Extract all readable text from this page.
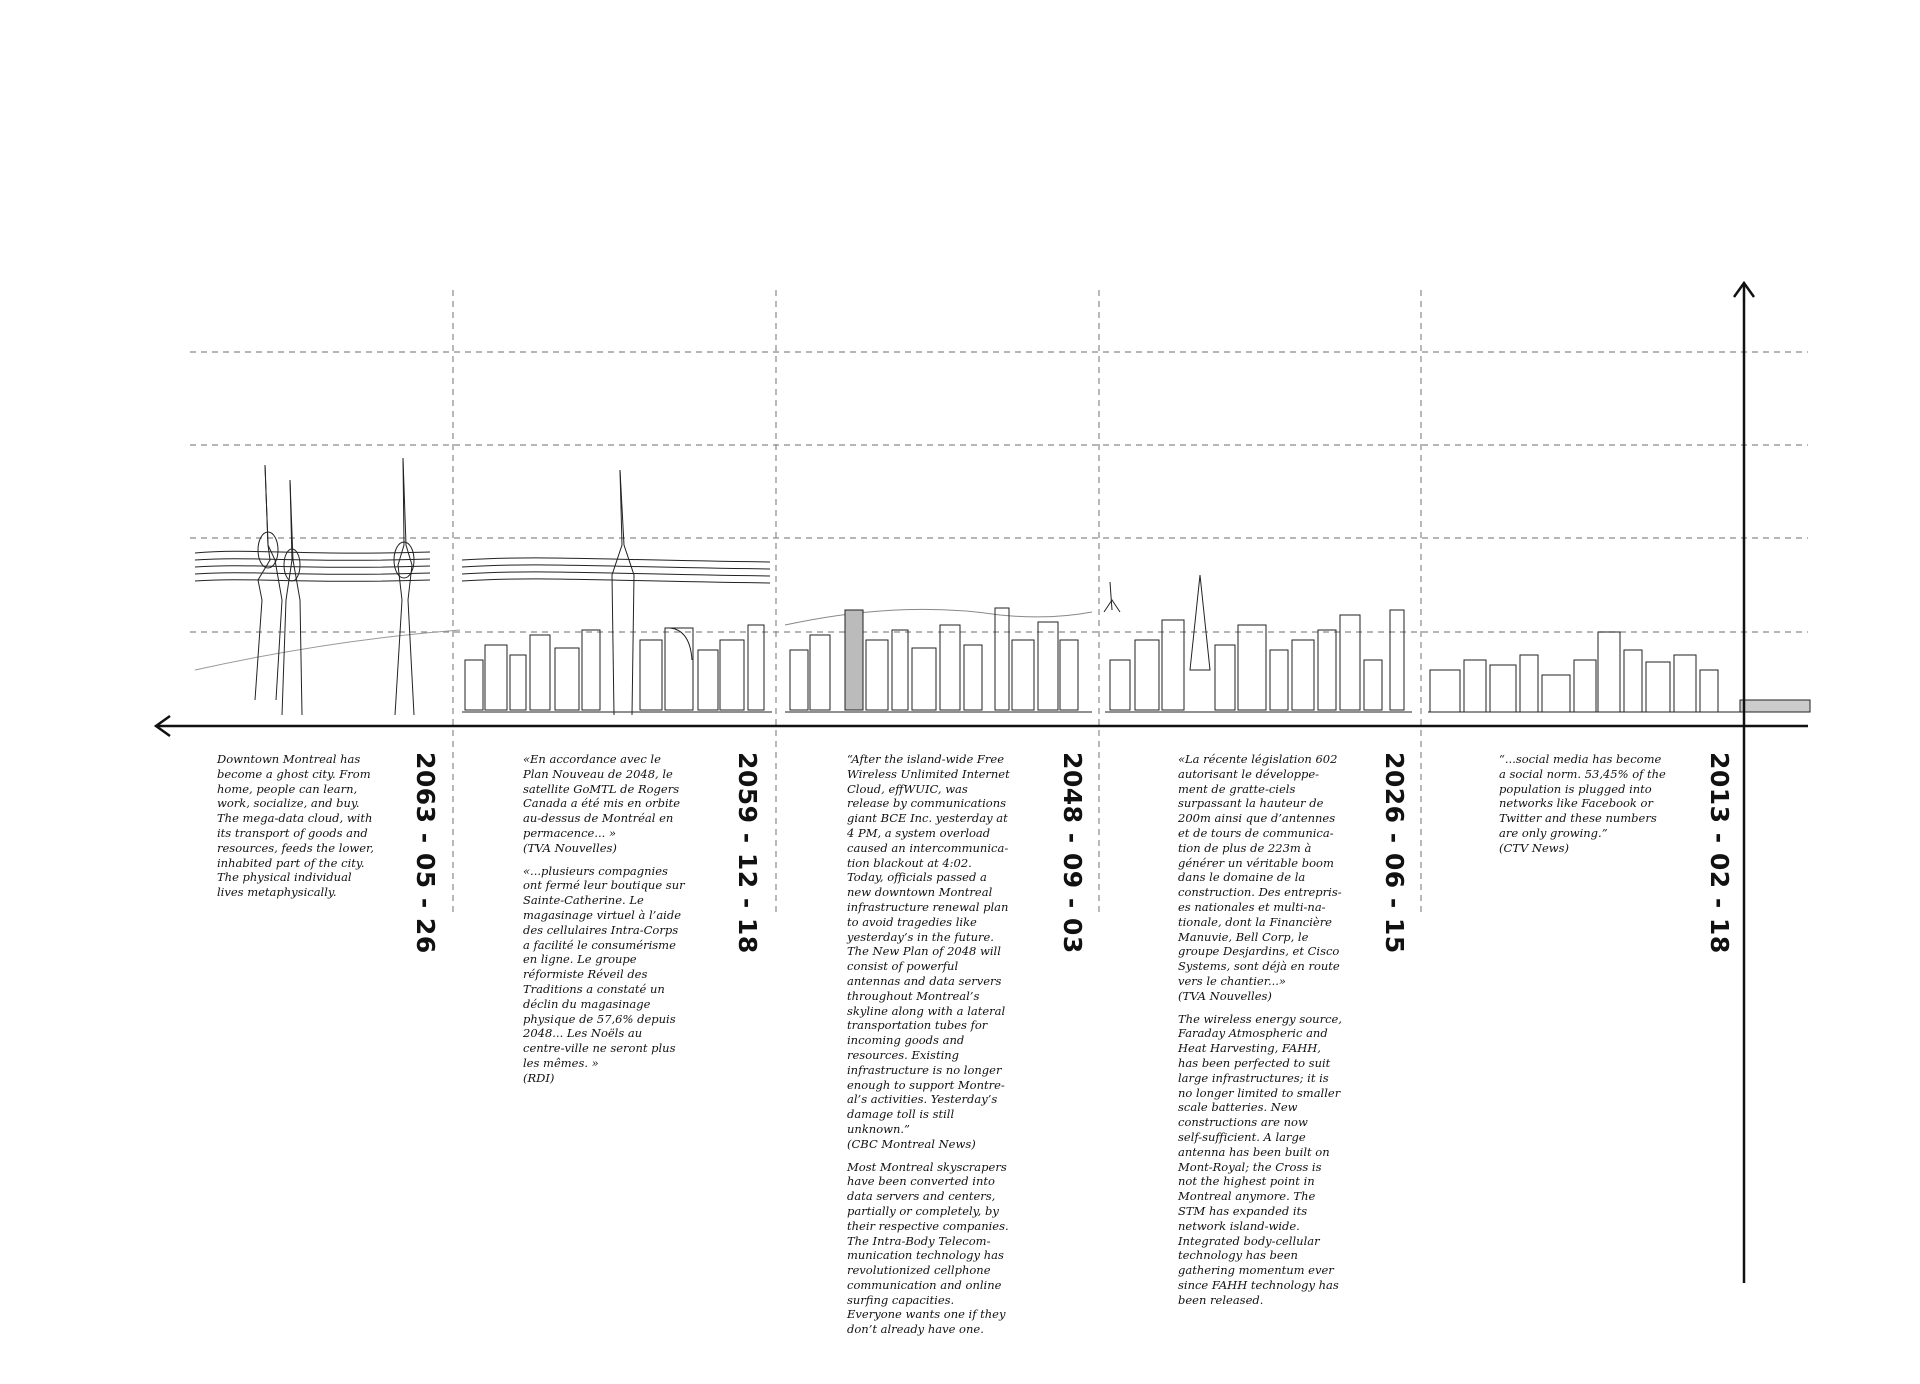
Downtown Montreal has
become a ghost city. From
home, people can learn,
work, socialize, and buy.
The mega-data cloud, with
its transport of goods and
resources, feeds the lower,
inhabited part of the city.
The physical individual
lives metaphysically.	2063 - 05 - 26	«En accordance avec le
Plan Nouveau de 2048, le
satellite GoMTL de Rogers
Canada a été mis en orbite
au-dessus de Montréal en
permacence... »
(TVA Nouvelles)

«...plusieurs compagnies
ont fermé leur boutique sur
Sainte-Catherine. Le
magasinage virtuel à l’aide
des cellulaires Intra-Corps
a facilité le consumérisme
en ligne. Le groupe
réformiste Réveil des
Traditions a constaté un
déclin du magasinage
physique de 57,6% depuis
2048... Les Noëls au
centre-ville ne seront plus
les mêmes. »
(RDI)

2059 - 12 - 18	“After the island-wide Free
Wireless Unlimited Internet
Cloud, effWUIC, was
release by communications
giant BCE Inc. yesterday at
4 PM, a system overload
caused an intercommunica-
tion blackout at 4:02.
Today, officials passed a
new downtown Montreal
infrastructure renewal plan
to avoid tragedies like
yesterday’s in the future.
The New Plan of 2048 will
consist of powerful
antennas and data servers
throughout Montreal’s
skyline along with a lateral
transportation tubes for
incoming goods and
resources. Existing
infrastructure is no longer
enough to support Montre-
al’s activities. Yesterday’s
damage toll is still
unknown.”
(CBC Montreal News)

Most Montreal skyscrapers
have been converted into
data servers and centers,
partially or completely, by
their respective companies.
The Intra-Body Telecom-
munication technology has
revolutionized cellphone
communication and online
surfing capacities.
Everyone wants one if they
don’t already have one.

2048 - 09 - 03	«La récente législation 602
autorisant le développe-
ment de gratte-ciels
surpassant la hauteur de
200m ainsi que d’antennes
et de tours de communica-
tion de plus de 223m à
générer un véritable boom
dans le domaine de la
construction. Des entrepris-
es nationales et multi-na-
tionale, dont la Financière
Manuvie, Bell Corp, le
groupe Desjardins, et Cisco
Systems, sont déjà en route
vers le chantier...»
(TVA Nouvelles)

The wireless energy source,
Faraday Atmospheric and
Heat Harvesting, FAHH,
has been perfected to suit
large infrastructures; it is
no longer limited to smaller
scale batteries. New
constructions are now
self-sufficient. A large
antenna has been built on
Mont-Royal; the Cross is
not the highest point in
Montreal anymore. The
STM has expanded its
network island-wide.
Integrated body-cellular
technology has been
gathering momentum ever
since FAHH technology has
been released.

2026 - 06 - 15	“...social media has become
a social norm. 53,45% of the
population is plugged into
networks like Facebook or
Twitter and these numbers
are only growing.”
(CTV News)	2013 - 02 - 18
